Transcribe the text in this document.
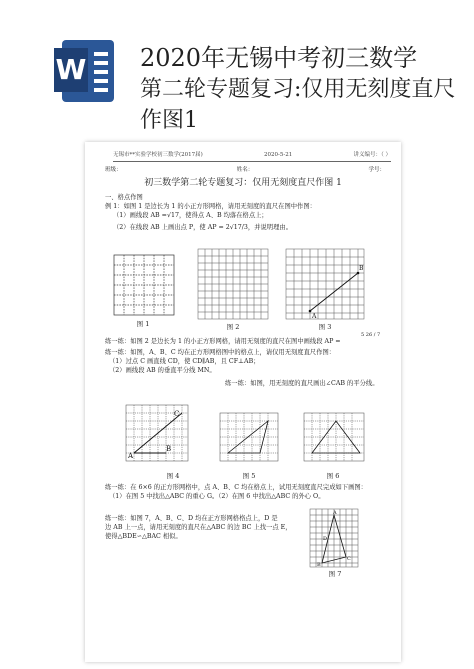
W 2020年无锡中考初三数学
第二轮专题复习:仅用无刻度直尺作图1
无锡市**实验学校初三数学(2017届)	2020-5-21	讲义编号：（ ）
班级：	姓名：	学号：
初三数学第二轮专题复习：仅用无刻度直尺作图 1
一、格点作图
例 1：如图 1 是边长为 1 的小正方形网格，请用无刻度的直尺在图中作图：
（1）画线段 AB =√17，使得点 A、B 均落在格点上；
（2）在线段 AB 上画出点 P，使 AP = 2√17/3，并说明理由。
A
B
图 1	图 2	图 3
练一练：如图 2 是边长为 1 的小正方形网格，请用无刻度的直尺在图中画线段 AP =
5 26 / 7
练一练：如图，A、B、C 均在正方形网格图中的格点上，请仅用无刻度直尺作图：
（1）过点 C 画直线 CD，使 CD∥AB，且 CF⊥AB；
（2）画线段 AB 的垂直平分线 MN。
练一练：如图，用无刻度的直尺画出∠CAB 的平分线。
A
B
C
图 4	图 5	图 6
练一练：在 6×6 的正方形网格中，点 A、B、C 均在格点上，试用无刻度直尺完成如下画图：
（1）在图 5 中找出△ABC 的重心 G。（2）在图 6 中找出△ABC 的外心 O。
练一练：如图 7，A、B、C、D 均在正方形网格格点上，D 是
边 AB 上一点，请用无刻度的直尺在△ABC 的边 BC 上找一点 E，
使得△BDE∽△BAC 相似。
A
B
C
D
图 7
